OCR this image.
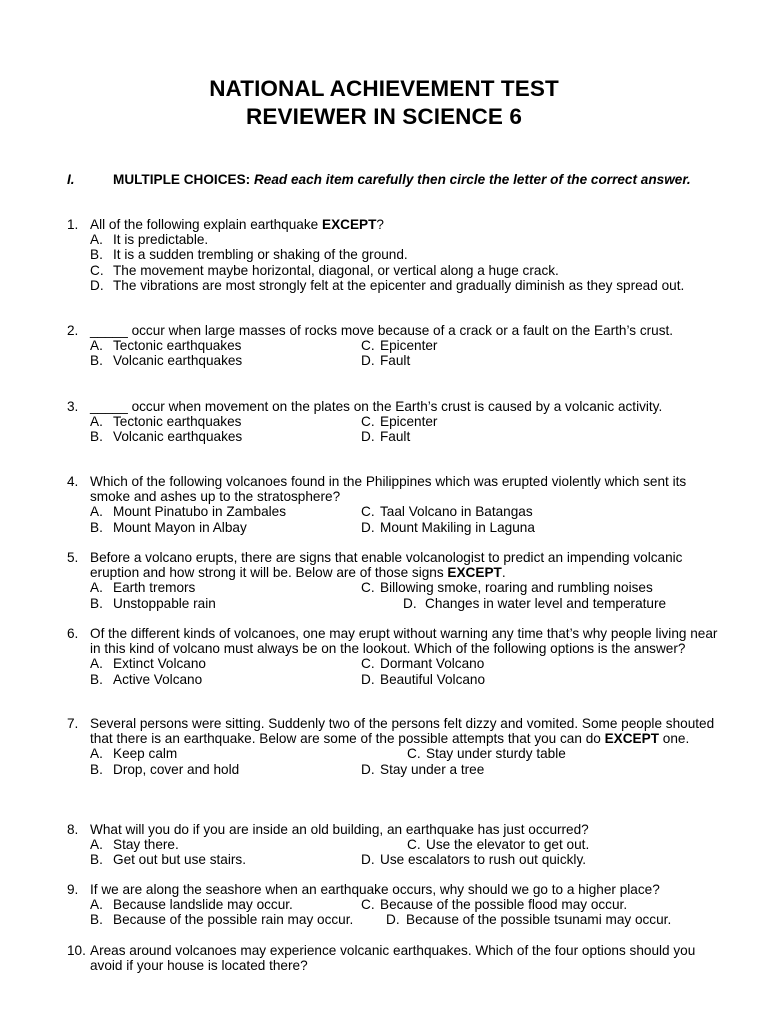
NATIONAL ACHIEVEMENT TEST
REVIEWER IN SCIENCE 6
I.	MULTIPLE CHOICES: Read each item carefully then circle the letter of the correct answer.
1. All of the following explain earthquake EXCEPT?
A. It is predictable.
B. It is a sudden trembling or shaking of the ground.
C. The movement maybe horizontal, diagonal, or vertical along a huge crack.
D. The vibrations are most strongly felt at the epicenter and gradually diminish as they spread out.
2. _____ occur when large masses of rocks move because of a crack or a fault on the Earth’s crust.
A. Tectonic earthquakes	C. Epicenter
B. Volcanic earthquakes	D. Fault
3. _____ occur when movement on the plates on the Earth’s crust is caused by a volcanic activity.
A. Tectonic earthquakes	C. Epicenter
B. Volcanic earthquakes	D. Fault
4. Which of the following volcanoes found in the Philippines which was erupted violently which sent its smoke and ashes up to the stratosphere?
A. Mount Pinatubo in Zambales	C. Taal Volcano in Batangas
B. Mount Mayon in Albay	D. Mount Makiling in Laguna
5. Before a volcano erupts, there are signs that enable volcanologist to predict an impending volcanic eruption and how strong it will be. Below are of those signs EXCEPT.
A. Earth tremors	C. Billowing smoke, roaring and rumbling noises
B. Unstoppable rain	D. Changes in water level and temperature
6. Of the different kinds of volcanoes, one may erupt without warning any time that’s why people living near in this kind of volcano must always be on the lookout. Which of the following options is the answer?
A. Extinct Volcano	C. Dormant Volcano
B. Active Volcano	D. Beautiful Volcano
7. Several persons were sitting. Suddenly two of the persons felt dizzy and vomited. Some people shouted that there is an earthquake. Below are some of the possible attempts that you can do EXCEPT one.
A. Keep calm	C. Stay under sturdy table
B. Drop, cover and hold	D. Stay under a tree
8. What will you do if you are inside an old building, an earthquake has just occurred?
A. Stay there.	C. Use the elevator to get out.
B. Get out but use stairs.	D. Use escalators to rush out quickly.
9. If we are along the seashore when an earthquake occurs, why should we go to a higher place?
A. Because landslide may occur.	C. Because of the possible flood may occur.
B. Because of the possible rain may occur. D. Because of the possible tsunami may occur.
10. Areas around volcanoes may experience volcanic earthquakes. Which of the four options should you avoid if your house is located there?
